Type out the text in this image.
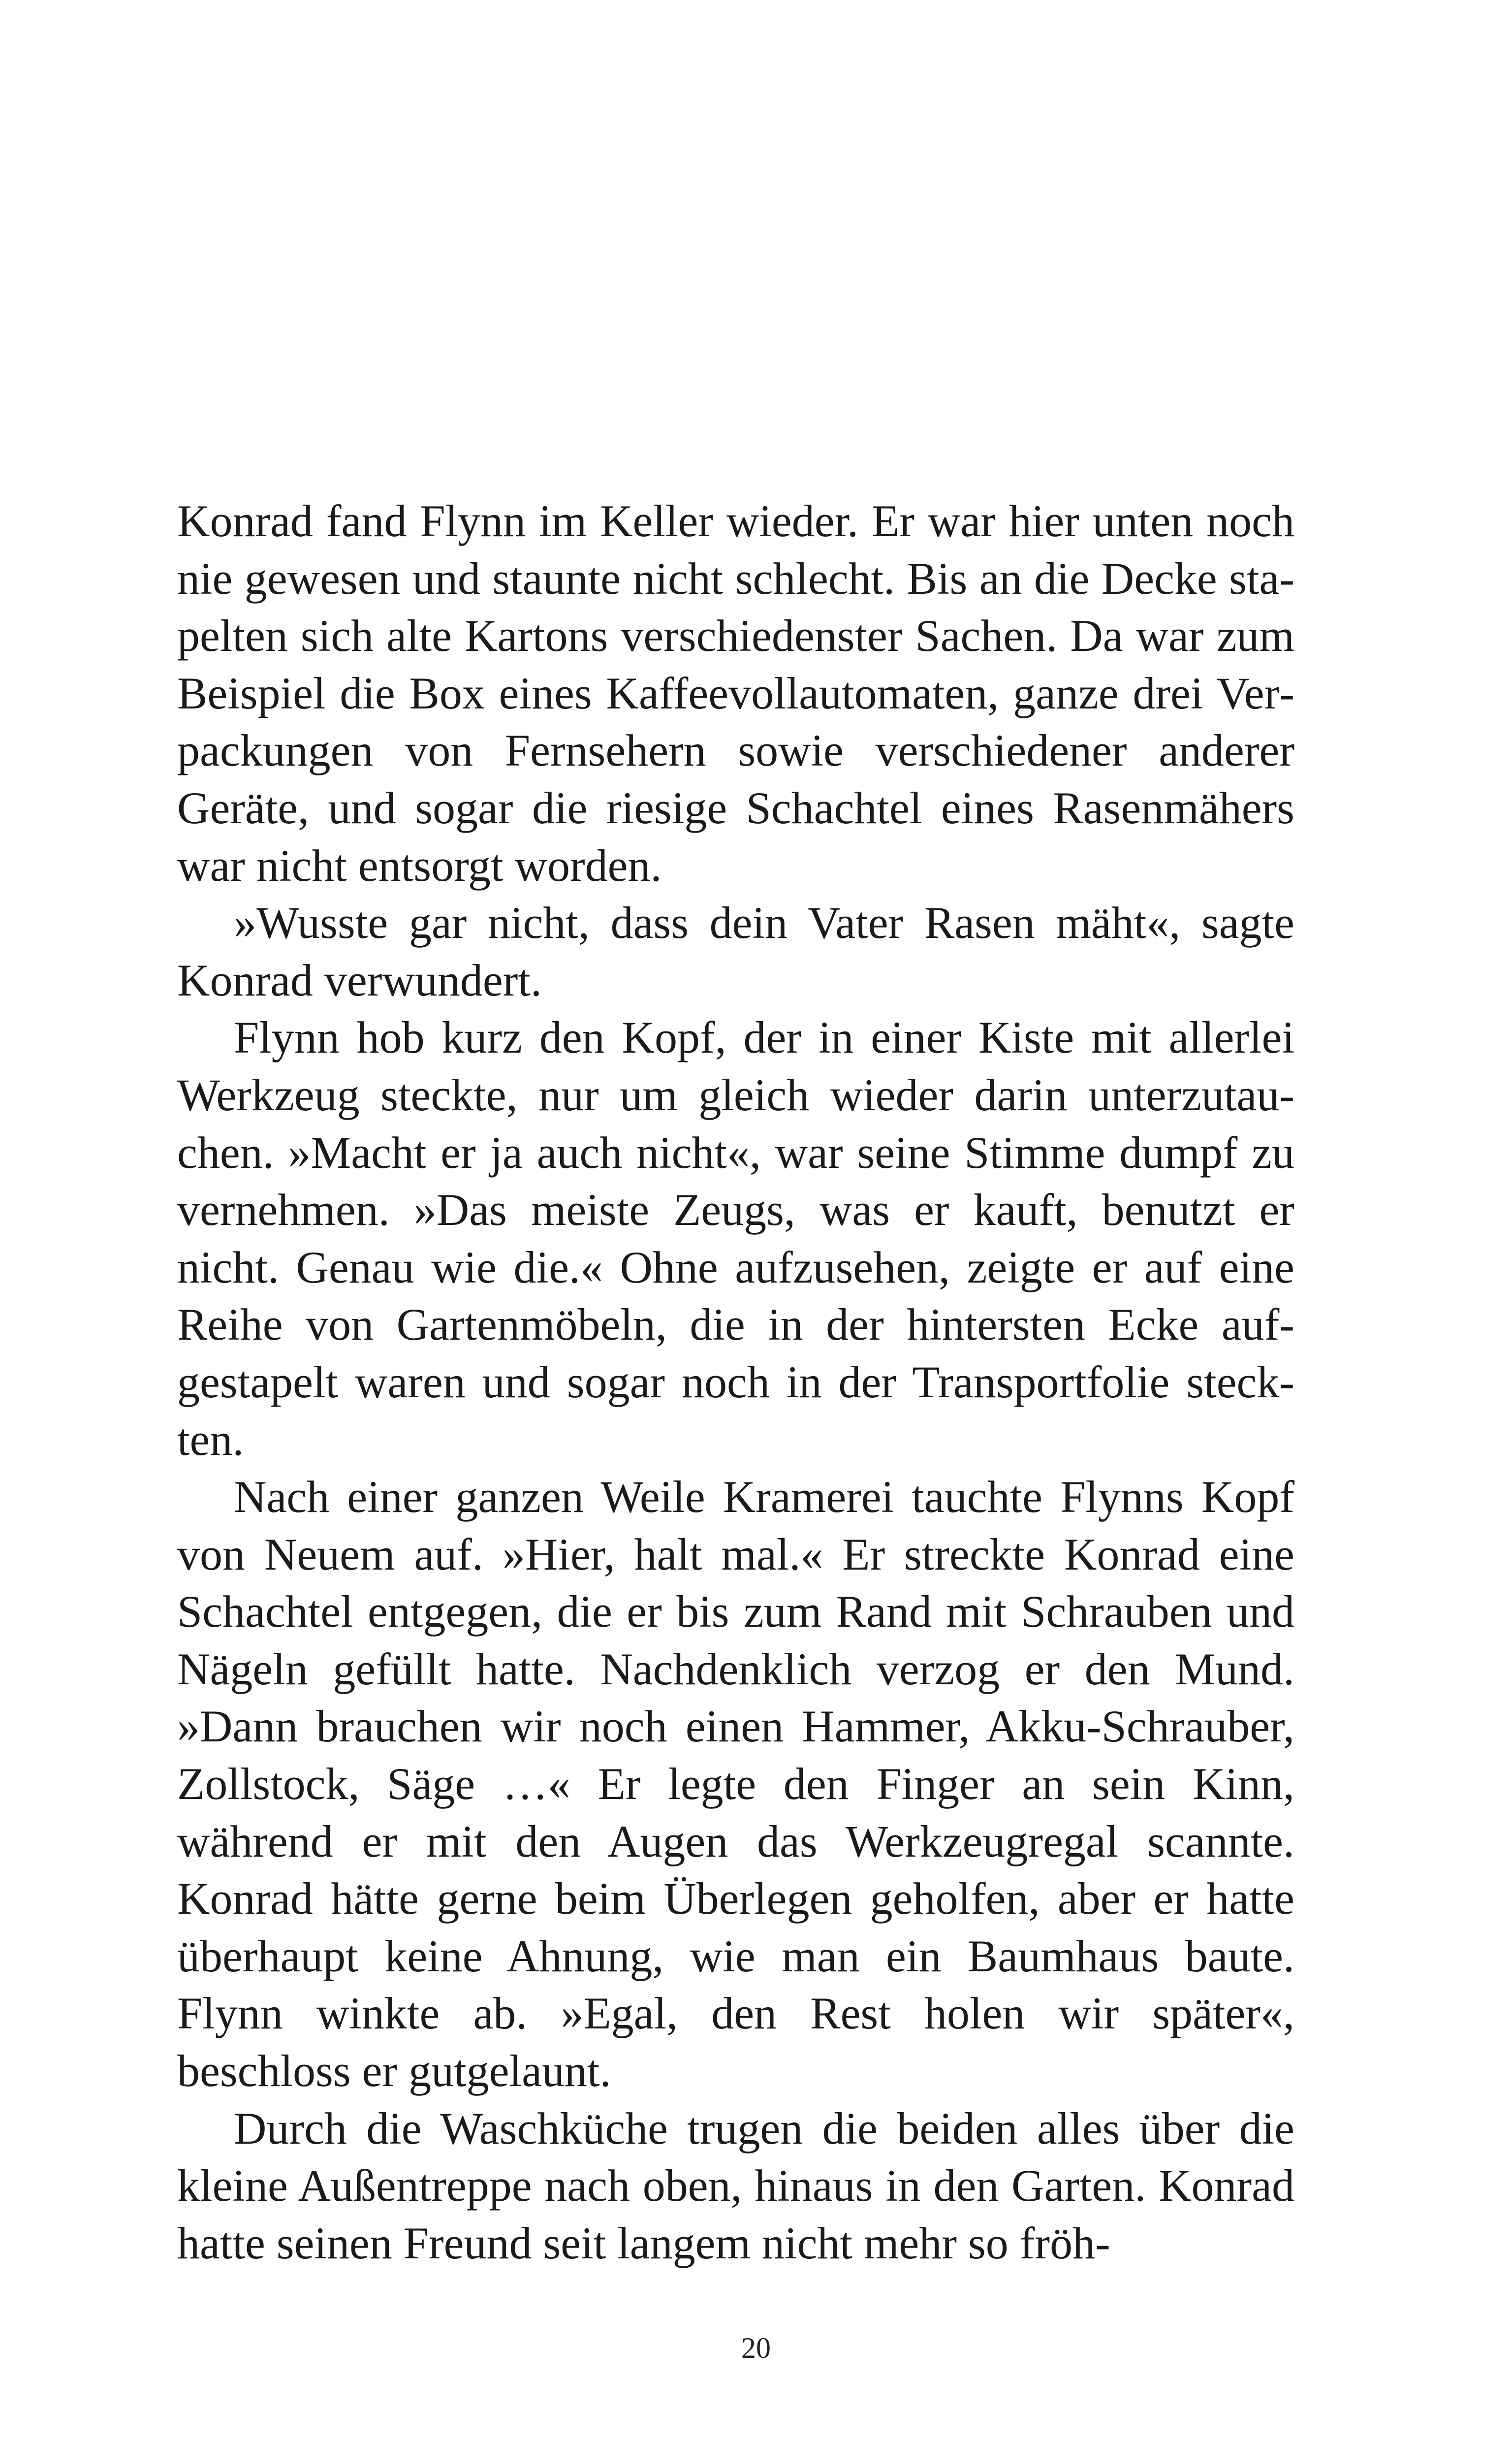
Konrad fand Flynn im Keller wieder. Er war hier unten noch nie gewesen und staunte nicht schlecht. Bis an die Decke stapelten sich alte Kartons verschiedenster Sachen. Da war zum Beispiel die Box eines Kaffeevollautomaten, ganze drei Verpackungen von Fernsehern sowie verschiedener anderer Geräte, und sogar die riesige Schachtel eines Rasenmähers war nicht entsorgt worden.

»Wusste gar nicht, dass dein Vater Rasen mäht«, sagte Konrad verwundert.

Flynn hob kurz den Kopf, der in einer Kiste mit allerlei Werkzeug steckte, nur um gleich wieder darin unterzutauchen. »Macht er ja auch nicht«, war seine Stimme dumpf zu vernehmen. »Das meiste Zeugs, was er kauft, benutzt er nicht. Genau wie die.« Ohne aufzusehen, zeigte er auf eine Reihe von Gartenmöbeln, die in der hintersten Ecke aufgestapelt waren und sogar noch in der Transportfolie steckten.

Nach einer ganzen Weile Kramerei tauchte Flynns Kopf von Neuem auf. »Hier, halt mal.« Er streckte Konrad eine Schachtel entgegen, die er bis zum Rand mit Schrauben und Nägeln gefüllt hatte. Nachdenklich verzog er den Mund. »Dann brauchen wir noch einen Hammer, Akku-Schrauber, Zollstock, Säge …« Er legte den Finger an sein Kinn, während er mit den Augen das Werkzeugregal scannte. Konrad hätte gerne beim Überlegen geholfen, aber er hatte überhaupt keine Ahnung, wie man ein Baumhaus baute. Flynn winkte ab. »Egal, den Rest holen wir später«, beschloss er gutgelaunt.

Durch die Waschküche trugen die beiden alles über die kleine Außentreppe nach oben, hinaus in den Garten. Konrad hatte seinen Freund seit langem nicht mehr so fröh-

20
